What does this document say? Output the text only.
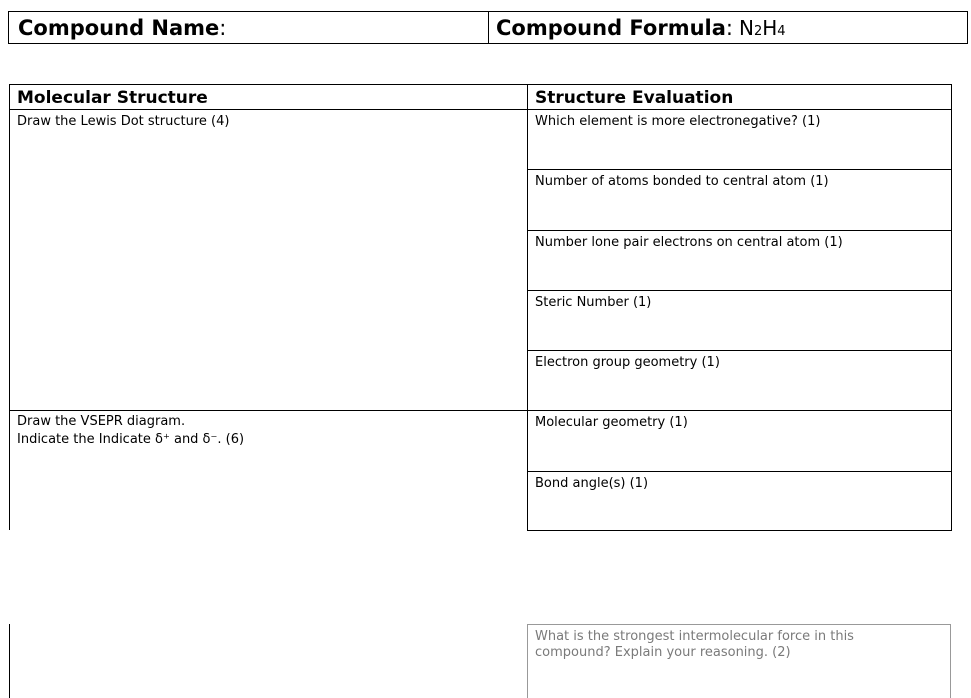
Compound Name :	Compound Formula : N2H4
Molecular Structure	Structure Evaluation
Draw the Lewis Dot structure (4)
Draw the VSEPR diagram.
Indicate the Indicate δ⁺ and δ⁻. (6)
Which element is more electronegative? (1)
Number of atoms bonded to central atom (1)
Number lone pair electrons on central atom (1)
Steric Number (1)
Electron group geometry (1)
Molecular geometry (1)
Bond angle(s) (1)
What is the strongest intermolecular force in this
compound? Explain your reasoning. (2)
